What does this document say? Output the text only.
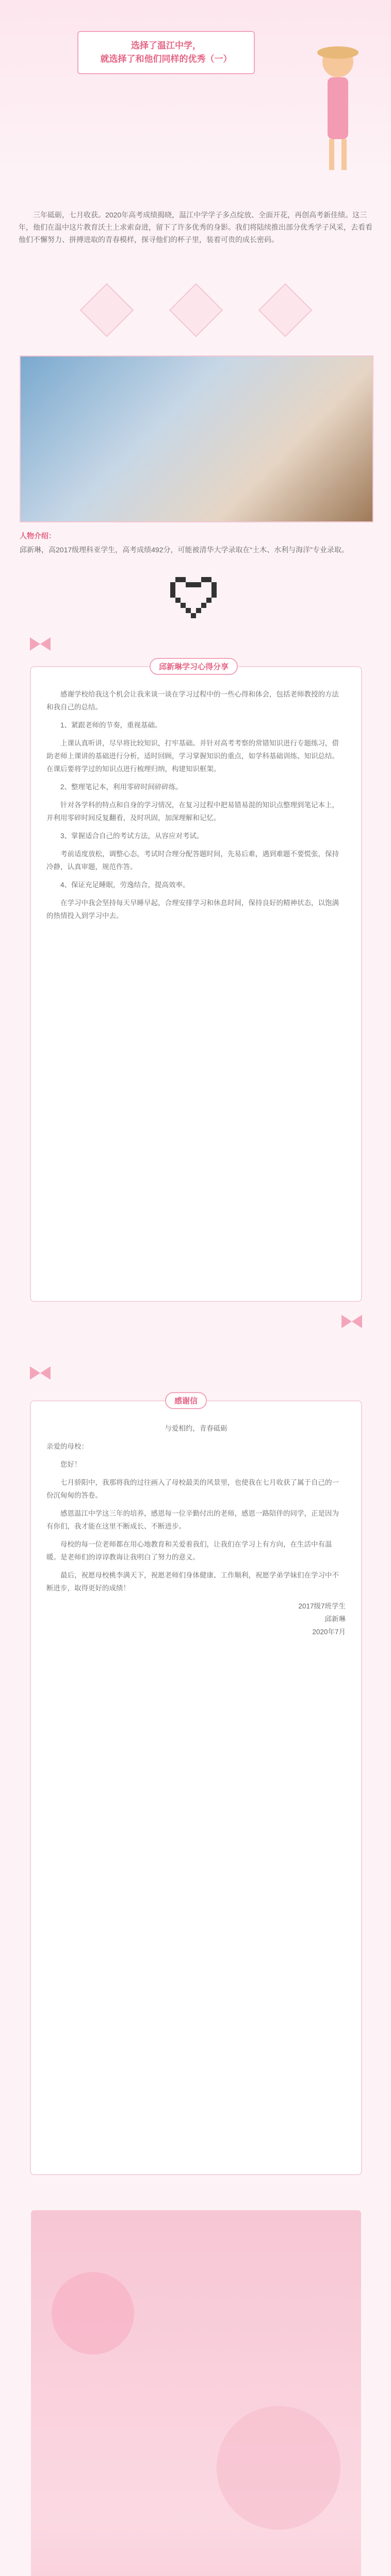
选择了温江中学，
就选择了和他们同样的优秀（一）
三年砥砺，七月收获。2020年高考成绩揭晓，温江中学学子多点绽放、全面开花，再创高考新佳绩。这三年，他们在温中这片教育沃土上求索奋进，留下了许多优秀的身影。我们将陆续推出部分优秀学子风采，去看看他们不懈努力、拼搏进取的青春模样，探寻他们的杯子里，装着可贵的成长密码。
人物介绍：
邱新琳，高2017级理科亚学生，高考成绩492分，可能被清华大学录取在“土木、水利与海洋”专业录取。
邱新琳学习心得分享

感谢学校给我这个机会让我来谈一谈在学习过程中的一些心得和体会，包括老师教授的方法和我自己的总结。

1、紧跟老师的节奏，重视基础。

上课认真听讲，尽早将比较知识，打牢基础。并针对高考考察的常错知识进行专题练习，借助老师上课讲的基础进行分析，适时回顾，学习掌握知识的重点，如学科基础训练、知识总结。在课后要将学过的知识点进行梳理归纳，构建知识框架。

2、整理笔记本，利用零碎时间碎碎练。

针对各学科的特点和自身的学习情况，在复习过程中把易错易混的知识点整理到笔记本上，并利用零碎时间反复翻看，及时巩固，加深理解和记忆。

3、掌握适合自己的考试方法，从容应对考试。

考前适度放松，调整心态，考试时合理分配答题时间，先易后难，遇到难题不要慌张，保持冷静，认真审题，规范作答。

4、保证充足睡眠，劳逸结合，提高效率。

在学习中我会坚持每天早睡早起，合理安排学习和休息时间，保持良好的精神状态，以饱满的热情投入到学习中去。

感谢信

与爱相约，青春砥砺

亲爱的母校：

您好！

七月骄阳中，我那将我的过往画入了母校最美的风景里，也使我在七月收获了属于自己的一份沉甸甸的答卷。

感恩温江中学这三年的培养，感恩每一位辛勤付出的老师，感恩一路陪伴的同学，正是因为有你们，我才能在这里不断成长、不断进步。

母校的每一位老师都在用心地教育和关爱着我们，让我们在学习上有方向，在生活中有温暖。是老师们的谆谆教诲让我明白了努力的意义。

最后，祝愿母校桃李满天下，祝愿老师们身体健康、工作顺利，祝愿学弟学妹们在学习中不断进步，取得更好的成绩！

2017级7班学生

邱新琳

2020年7月
